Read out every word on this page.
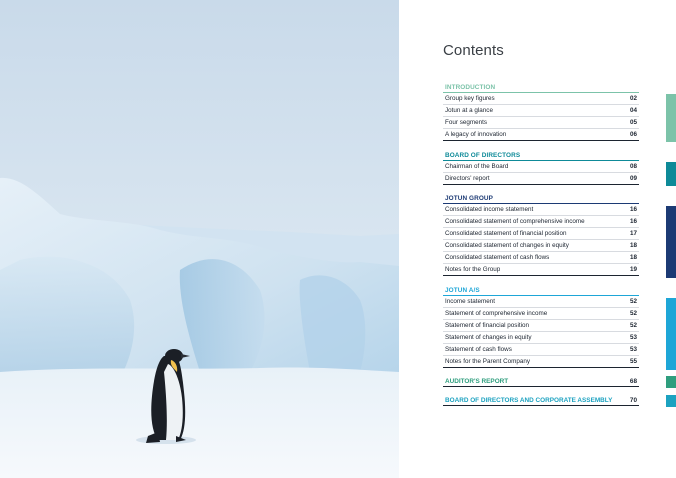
Contents
INTRODUCTION
Group key figures	02
Jotun at a glance	04
Four segments	05
A legacy of innovation	06
BOARD OF DIRECTORS
Chairman of the Board	08
Directors' report	09
JOTUN GROUP
Consolidated income statement	16
Consolidated statement of comprehensive income	16
Consolidated statement of financial position	17
Consolidated statement of changes in equity	18
Consolidated statement of cash flows	18
Notes for the Group	19
JOTUN A/S
Income statement	52
Statement of comprehensive income	52
Statement of financial position	52
Statement of changes in equity	53
Statement of cash flows	53
Notes for the Parent Company	55
AUDITOR'S REPORT	68
BOARD OF DIRECTORS AND CORPORATE ASSEMBLY	70
